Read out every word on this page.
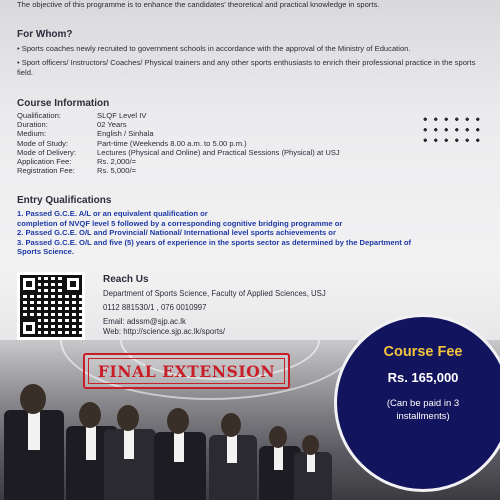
The objective of this programme is to enhance the candidates' theoretical and practical knowledge in sports.
For Whom?
• Sports coaches newly recruited to government schools in accordance with the approval of the Ministry of Education.
• Sport officers/ Instructors/ Coaches/ Physical trainers and any other sports enthusiasts to enrich their professional practice in the sports field.
Course Information
Qualification:	SLQF Level IV
Duration:	02 Years
Medium:	English / Sinhala
Mode of Study:	Part-time (Weekends 8.00 a.m. to 5.00 p.m.)
Mode of Delivery:	Lectures (Physical and Online) and Practical Sessions (Physical) at USJ
Application Fee:	Rs. 2,000/=
Registration Fee:	Rs. 5,000/=
Entry Qualifications
1. Passed G.C.E. A/L or an equivalent qualification or
completion of NVQF level 5 followed by a corresponding cognitive bridging programme or
2. Passed G.C.E. O/L and Provincial/ National/ International level sports achievements or
3. Passed G.C.E. O/L and five (5) years of experience in the sports sector as determined by the Department of
Sports Science.
Reach Us
Department of Sports Science, Faculty of Applied Sciences, USJ
0112 881530/1 , 076 0010997
Email: adssm@sjp.ac.lk
Web: http://science.sjp.ac.lk/sports/
FINAL EXTENSION
Course Fee
Rs. 165,000
(Can be paid in 3 installments)
